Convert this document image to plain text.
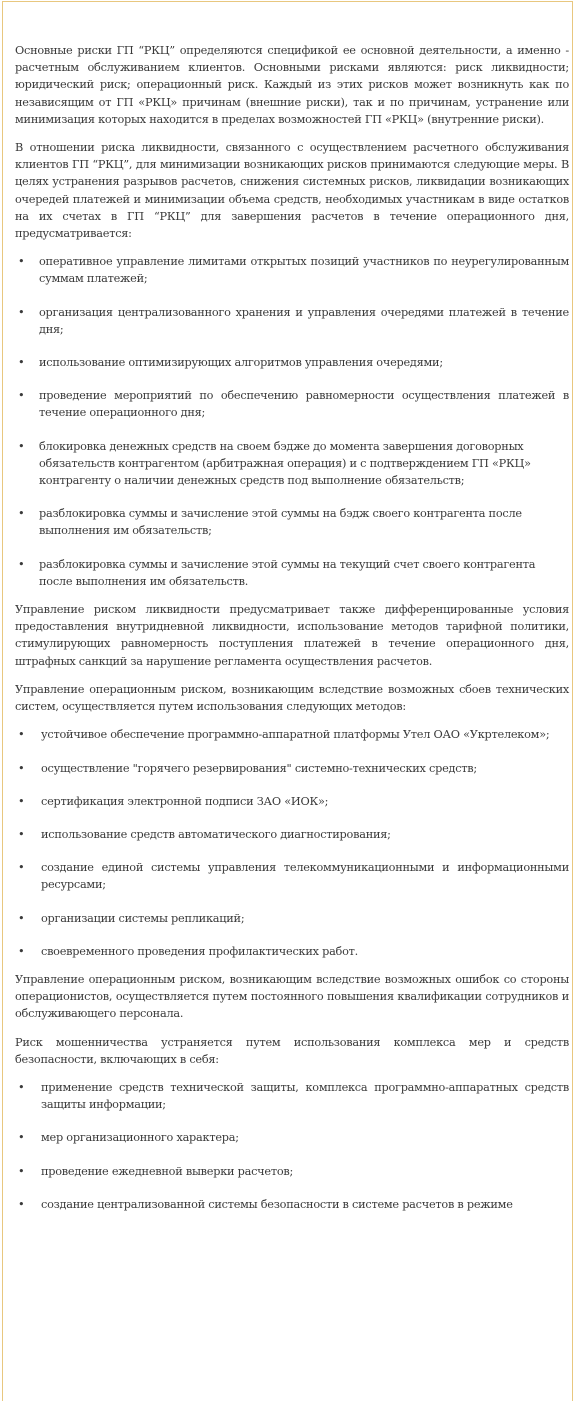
Основные риски ГП “РКЦ” определяются спецификой ее основной деятельности, а именно - расчетным обслуживанием клиентов. Основными рисками являются: риск ликвидности; юридический риск; операционный риск. Каждый из этих рисков может возникнуть как по независящим от ГП «РКЦ» причинам (внешние риски), так и по причинам, устранение или минимизация которых находится в пределах возможностей ГП «РКЦ» (внутренние риски).

В отношении риска ликвидности, связанного с осуществлением расчетного обслуживания клиентов ГП “РКЦ”, для минимизации возникающих рисков принимаются следующие меры. В целях устранения разрывов расчетов, снижения системных рисков, ликвидации возникающих очередей платежей и минимизации объема средств, необходимых участникам в виде остатков на их счетах в ГП “РКЦ” для завершения расчетов в течение операционного дня, предусматривается:

• оперативное управление лимитами открытых позиций участников по неурегулированным суммам платежей;
• организация централизованного хранения и управления очередями платежей в течение дня;
• использование оптимизирующих алгоритмов управления очередями;
• проведение мероприятий по обеспечению равномерности осуществления платежей в течение операционного дня;
• блокировка денежных средств на своем бэдже до момента завершения договорных обязательств контрагентом (арбитражная операция) и с подтверждением ГП «РКЦ» контрагенту о наличии денежных средств под выполнение обязательств;
• разблокировка суммы и зачисление этой суммы на бэдж своего контрагента после выполнения им обязательств;
• разблокировка суммы и зачисление этой суммы на текущий счет своего контрагента после выполнения им обязательств.

Управление риском ликвидности предусматривает также дифференцированные условия предоставления внутридневной ликвидности, использование методов тарифной политики, стимулирующих равномерность поступления платежей в течение операционного дня, штрафных санкций за нарушение регламента осуществления расчетов.

Управление операционным риском, возникающим вследствие возможных сбоев технических систем, осуществляется путем использования следующих методов:

• устойчивое обеспечение программно-аппаратной платформы Утел ОАО «Укртелеком»;
• осуществление "горячего резервирования" системно-технических средств;
• сертификация электронной подписи ЗАО «ИОК»;
• использование средств автоматического диагностирования;
• создание единой системы управления телекоммуникационными и информационными ресурсами;
• организации системы репликаций;
• своевременного проведения профилактических работ.

Управление операционным риском, возникающим вследствие возможных ошибок со стороны операционистов, осуществляется путем постоянного повышения квалификации сотрудников и обслуживающего персонала.

Риск мошенничества устраняется путем использования комплекса мер и средств безопасности, включающих в себя:

• применение средств технической защиты, комплекса программно-аппаратных средств защиты информации;
• мер организационного характера;
• проведение ежедневной выверки расчетов;
• создание централизованной системы безопасности в системе расчетов в режиме
